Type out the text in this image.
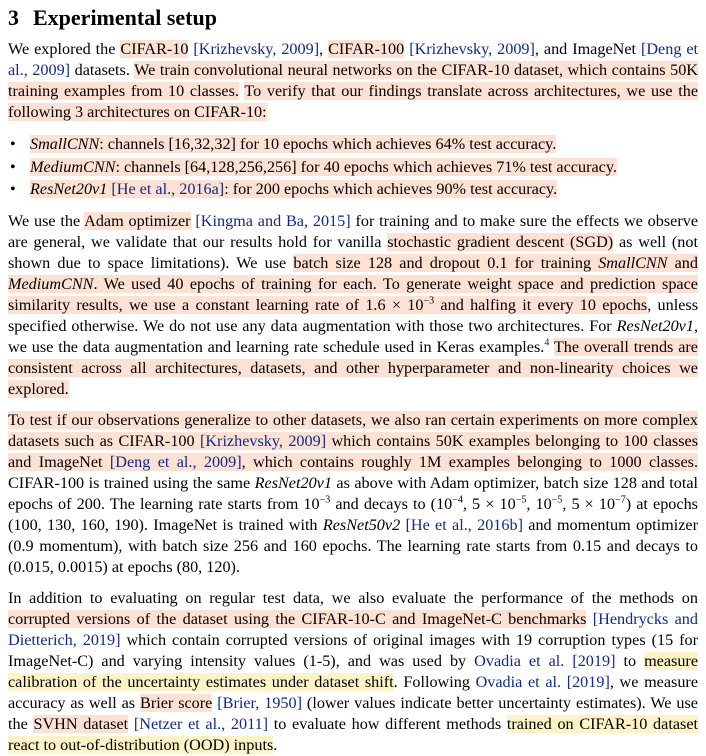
3 Experimental setup

We explored the CIFAR-10 [Krizhevsky, 2009], CIFAR-100 [Krizhevsky, 2009], and ImageNet [Deng et al., 2009] datasets. We train convolutional neural networks on the CIFAR-10 dataset, which contains 50K training examples from 10 classes. To verify that our findings translate across architectures, we use the following 3 architectures on CIFAR-10:

• SmallCNN: channels [16,32,32] for 10 epochs which achieves 64% test accuracy.
• MediumCNN: channels [64,128,256,256] for 40 epochs which achieves 71% test accuracy.
• ResNet20v1 [He et al., 2016a]: for 200 epochs which achieves 90% test accuracy.

We use the Adam optimizer [Kingma and Ba, 2015] for training and to make sure the effects we observe are general, we validate that our results hold for vanilla stochastic gradient descent (SGD) as well (not shown due to space limitations). We use batch size 128 and dropout 0.1 for training SmallCNN and MediumCNN. We used 40 epochs of training for each. To generate weight space and prediction space similarity results, we use a constant learning rate of $1.6 \times 10^{-3}$ and halfing it every 10 epochs, unless specified otherwise. We do not use any data augmentation with those two architectures. For ResNet20v1, we use the data augmentation and learning rate schedule used in Keras examples.$^4$ The overall trends are consistent across all architectures, datasets, and other hyperparameter and non-linearity choices we explored.

To test if our observations generalize to other datasets, we also ran certain experiments on more complex datasets such as CIFAR-100 [Krizhevsky, 2009] which contains 50K examples belonging to 100 classes and ImageNet [Deng et al., 2009], which contains roughly 1M examples belonging to 1000 classes. CIFAR-100 is trained using the same ResNet20v1 as above with Adam optimizer, batch size 128 and total epochs of 200. The learning rate starts from $10^{-3}$ and decays to ($10^{-4}$, $5 \times 10^{-5}$, $10^{-5}$, $5 \times 10^{-7}$) at epochs (100, 130, 160, 190). ImageNet is trained with ResNet50v2 [He et al., 2016b] and momentum optimizer (0.9 momentum), with batch size 256 and 160 epochs. The learning rate starts from 0.15 and decays to (0.015, 0.0015) at epochs (80, 120).

In addition to evaluating on regular test data, we also evaluate the performance of the methods on corrupted versions of the dataset using the CIFAR-10-C and ImageNet-C benchmarks [Hendrycks and Dietterich, 2019] which contain corrupted versions of original images with 19 corruption types (15 for ImageNet-C) and varying intensity values (1-5), and was used by Ovadia et al. [2019] to measure calibration of the uncertainty estimates under dataset shift. Following Ovadia et al. [2019], we measure accuracy as well as Brier score [Brier, 1950] (lower values indicate better uncertainty estimates). We use the SVHN dataset [Netzer et al., 2011] to evaluate how different methods trained on CIFAR-10 dataset react to out-of-distribution (OOD) inputs.
